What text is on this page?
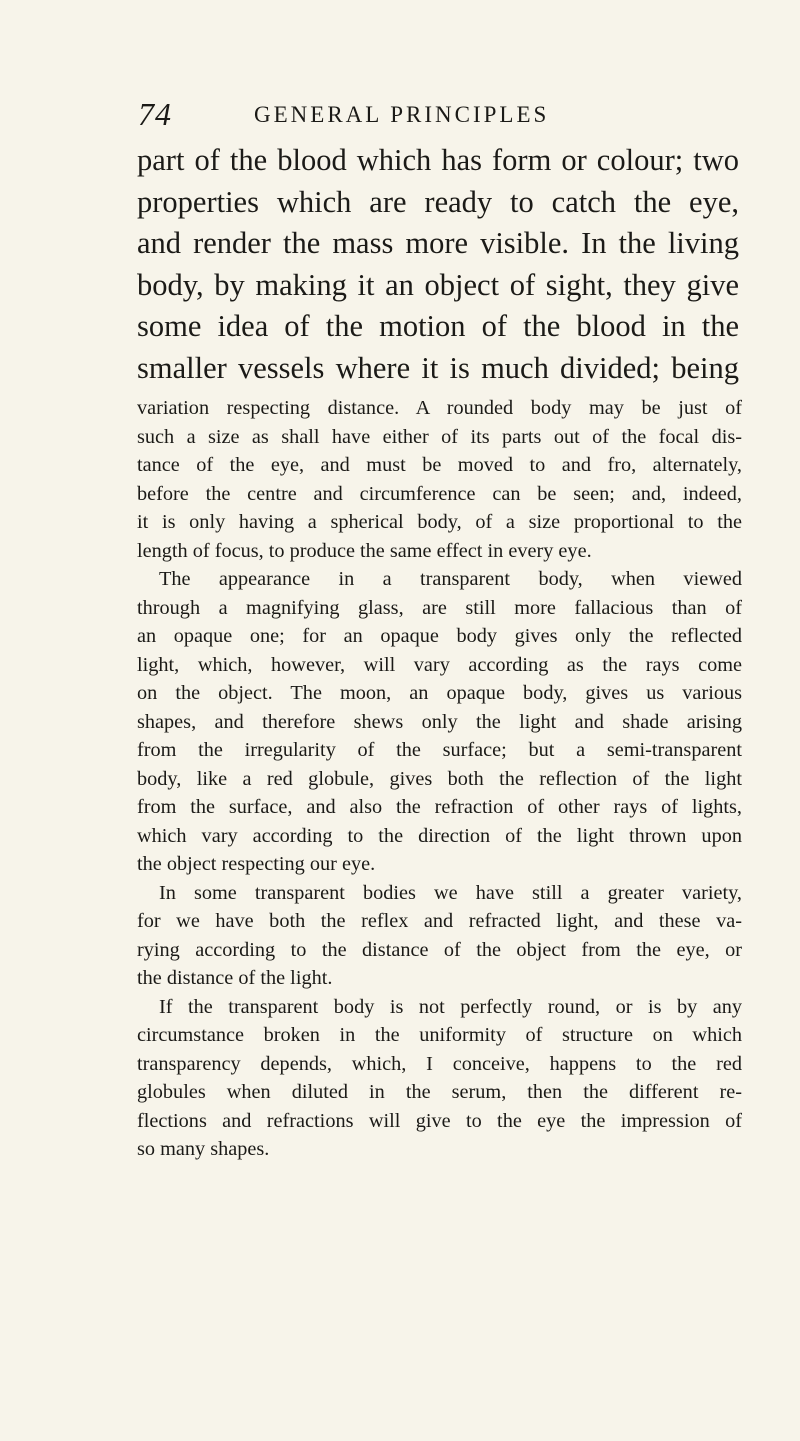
74	GENERAL PRINCIPLES
part of the blood which has form or colour; two
properties which are ready to catch the eye,
and render the mass more visible. In the living
body, by making it an object of sight, they give
some idea of the motion of the blood in the
smaller vessels where it is much divided; being
variation respecting distance. A rounded body may be just of
such a size as shall have either of its parts out of the focal dis-
tance of the eye, and must be moved to and fro, alternately,
before the centre and circumference can be seen; and, indeed,
it is only having a spherical body, of a size proportional to the
length of focus, to produce the same effect in every eye.
The appearance in a transparent body, when viewed
through a magnifying glass, are still more fallacious than of
an opaque one; for an opaque body gives only the reflected
light, which, however, will vary according as the rays come
on the object. The moon, an opaque body, gives us various
shapes, and therefore shews only the light and shade arising
from the irregularity of the surface; but a semi-transparent
body, like a red globule, gives both the reflection of the light
from the surface, and also the refraction of other rays of lights,
which vary according to the direction of the light thrown upon
the object respecting our eye.
In some transparent bodies we have still a greater variety,
for we have both the reflex and refracted light, and these va-
rying according to the distance of the object from the eye, or
the distance of the light.
If the transparent body is not perfectly round, or is by any
circumstance broken in the uniformity of structure on which
transparency depends, which, I conceive, happens to the red
globules when diluted in the serum, then the different re-
flections and refractions will give to the eye the impression of
so many shapes.
